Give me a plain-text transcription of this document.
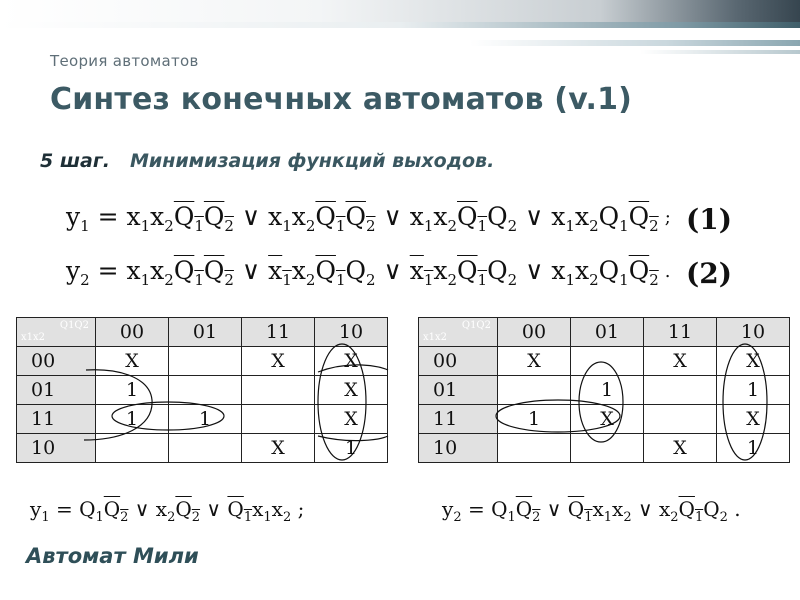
Теория автоматов
Синтез конечных автоматов (v.1)
5 шаг. Минимизация функций выходов.
$y_1 = x_1x_2Q_1Q_2$ ∨ $x_1x_2Q_1Q_2$ ∨ $x_1x_2Q_1Q_2$ ∨ $x_1x_2Q_1Q_2$ ; (1)
$y_2 = x_1x_2Q_1Q_2$ ∨ $x_1x_2Q_1Q_2$ ∨ $x_1x_2Q_1Q_2$ ∨ $x_1x_2Q_1Q_2$ . (2)
x1x2
Q1Q2	00	01	11	10
00	X		X	X
01	1			X
11	1	1		X
10			X	1
x1x2
Q1Q2	00	01	11	10
00	X		X	X
01		1		1
11	1	X		X
10			X	1
$y_1 = Q_1Q_2$ ∨ $x_2Q_2$ ∨ $Q_1x_1x_2$ ;	$y_2 = Q_1Q_2$ ∨ $Q_1x_1x_2$ ∨ $x_2Q_1Q_2$ .
Автомат Мили
